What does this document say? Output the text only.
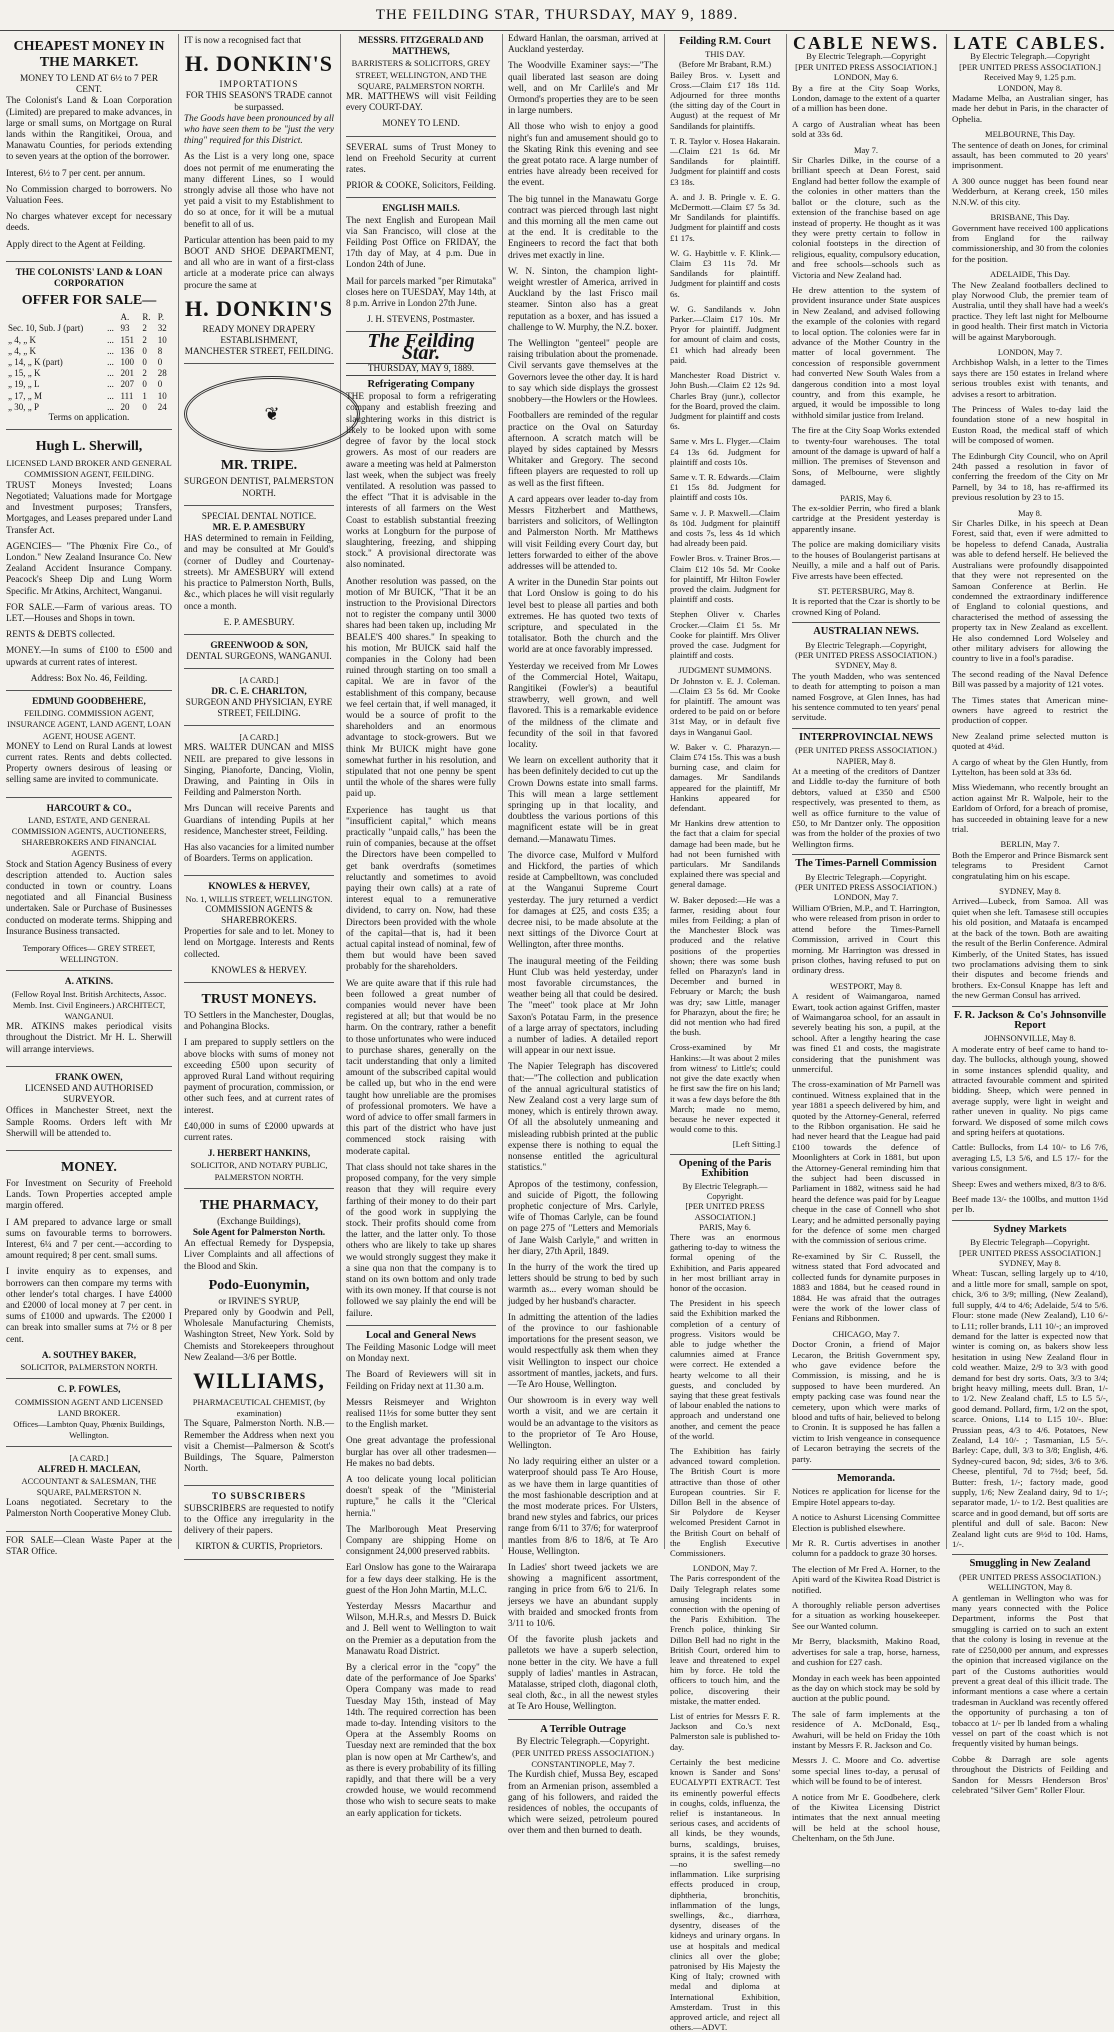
THE FEILDING STAR, THURSDAY, MAY 9, 1889.
CHEAPEST MONEY IN THE MARKET.
MONEY TO LEND AT 6½ to 7 PER CENT.

The Colonist's Land & Loan Corporation (Limited) are prepared to make advances, in large or small sums, on Mortgage on Rural lands within the Rangitikei, Oroua, and Manawatu Counties, for periods extending to seven years at the option of the borrower.

Interest, 6½ to 7 per cent. per annum.

No Commission charged to borrowers. No Valuation Fees.

No charges whatever except for necessary deeds.

Apply direct to the Agent at Feilding.

THE COLONISTS' LAND & LOAN CORPORATION
OFFER FOR SALE—
		A.	R.	P.
Sec. 10, Sub. J (part)	...	93	2	32
„ 4, „ K	...	151	2	10
„ 4, „ K	...	136	0	8
„ 14, „ K (part)	...	100	0	0
„ 15, „ K	...	201	2	28
„ 19, „ L	...	207	0	0
„ 17, „ M	...	111	1	10
„ 30, „ P	...	20	0	24
Terms on application.
Hugh L. Sherwill,
LICENSED LAND BROKER AND GENERAL COMMISSION AGENT, FEILDING.

TRUST Moneys Invested; Loans Negotiated; Valuations made for Mortgage and Investment purposes; Transfers, Mortgages, and Leases prepared under Land Transfer Act.

AGENCIES— "The Phœnix Fire Co., of London." New Zealand Insurance Co. New Zealand Accident Insurance Company. Peacock's Sheep Dip and Lung Worm Specific. Mr Atkins, Architect, Wanganui.

FOR SALE.—Farm of various areas. TO LET.—Houses and Shops in town.

RENTS & DEBTS collected.

MONEY.—In sums of £100 to £500 and upwards at current rates of interest.

Address: Box No. 46, Feilding.
EDMUND GOODBEHERE,
FEILDING. COMMISSION AGENT, INSURANCE AGENT, LAND AGENT, LOAN AGENT, HOUSE AGENT.

MONEY to Lend on Rural Lands at lowest current rates. Rents and debts collected. Property owners desirous of leasing or selling same are invited to communicate.

HARCOURT & CO.,
LAND, ESTATE, AND GENERAL COMMISSION AGENTS, AUCTIONEERS, SHAREBROKERS AND FINANCIAL AGENTS.

Stock and Station Agency Business of every description attended to. Auction sales conducted in town or country. Loans negotiated and all Financial Business undertaken. Sale or Purchase of Businesses conducted on moderate terms. Shipping and Insurance Business transacted.

Temporary Offices— GREY STREET, WELLINGTON.
A. ATKINS.
(Fellow Royal Inst. British Architects, Assoc. Memb. Inst. Civil Engineers.) ARCHITECT, WANGANUI.

MR. ATKINS makes periodical visits throughout the District. Mr H. L. Sherwill will arrange interviews.

FRANK OWEN,
LICENSED AND AUTHORISED SURVEYOR.

Offices in Manchester Street, next the Sample Rooms. Orders left with Mr Sherwill will be attended to.

MONEY.

For Investment on Security of Freehold Lands. Town Properties accepted ample margin offered.

I AM prepared to advance large or small sums on favourable terms to borrowers. Interest, 6¼ and 7 per cent.—according to amount required; 8 per cent. small sums.

I invite enquiry as to expenses, and borrowers can then compare my terms with other lender's total charges. I have £4000 and £2000 of local money at 7 per cent. in sums of £1000 and upwards. The £2000 I can break into smaller sums at 7½ or 8 per cent.

A. SOUTHEY BAKER,
SOLICITOR, PALMERSTON NORTH.
C. P. FOWLES,
COMMISSION AGENT AND LICENSED LAND BROKER.
Offices—Lambton Quay, Phœnix Buildings, Wellington.
[A CARD.]
ALFRED H. MACLEAN,
ACCOUNTANT & SALESMAN, THE SQUARE, PALMERSTON N.

Loans negotiated. Secretary to the Palmerston North Cooperative Money Club.

FOR SALE—Clean Waste Paper at the STAR Office.

IT is now a recognised fact that

H. DONKIN'S
IMPORTATIONS
FOR THIS SEASON'S TRADE cannot be surpassed.

The Goods have been pronounced by all who have seen them to be "just the very thing" required for this District.

As the List is a very long one, space does not permit of me enumerating the many different Lines, so I would strongly advise all those who have not yet paid a visit to my Establishment to do so at once, for it will be a mutual benefit to all of us.

Particular attention has been paid to my BOOT AND SHOE DEPARTMENT, and all who are in want of a first-class article at a moderate price can always procure the same at

H. DONKIN'S
READY MONEY DRAPERY ESTABLISHMENT,
MANCHESTER STREET, FEILDING.
❦
MR. TRIPE.
SURGEON DENTIST, PALMERSTON NORTH.
SPECIAL DENTAL NOTICE.
MR. E. P. AMESBURY

HAS determined to remain in Feilding, and may be consulted at Mr Gould's (corner of Dudley and Courtenay-streets). Mr AMESBURY will extend his practice to Palmerston North, Bulls, &c., which places he will visit regularly once a month.

E. P. AMESBURY.
GREENWOOD & SON,
DENTAL SURGEONS, WANGANUI.
[A CARD.]
DR. C. E. CHARLTON,
SURGEON AND PHYSICIAN, EYRE STREET, FEILDING.
[A CARD.]

MRS. WALTER DUNCAN and MISS NEIL are prepared to give lessons in Singing, Pianoforte, Dancing, Violin, Drawing, and Painting in Oils in Feilding and Palmerston North.

Mrs Duncan will receive Parents and Guardians of intending Pupils at her residence, Manchester street, Feilding.

Has also vacancies for a limited number of Boarders. Terms on application.

KNOWLES & HERVEY,
No. 1, WILLIS STREET, WELLINGTON.
COMMISSION AGENTS & SHAREBROKERS.

Properties for sale and to let. Money to lend on Mortgage. Interests and Rents collected.

KNOWLES & HERVEY.
TRUST MONEYS.

TO Settlers in the Manchester, Douglas, and Pohangina Blocks.

I am prepared to supply settlers on the above blocks with sums of money not exceeding £500 upon security of approved Rural Land without requiring payment of procuration, commission, or other such fees, and at current rates of interest.

£40,000 in sums of £2000 upwards at current rates.

J. HERBERT HANKINS,
SOLICITOR, AND NOTARY PUBLIC, PALMERSTON NORTH.
THE PHARMACY,
(Exchange Buildings),
Sole Agent for Palmerston North.

An effectual Remedy for Dyspepsia, Liver Complaints and all affections of the Blood and Skin.

Podo-Euonymin,
or IRVINE'S SYRUP,

Prepared only by Goodwin and Pell, Wholesale Manufacturing Chemists, Washington Street, New York. Sold by Chemists and Storekeepers throughout New Zealand—3/6 per Bottle.

WILLIAMS,
PHARMACEUTICAL CHEMIST, (by examination)

The Square, Palmerston North. N.B.—Remember the Address when next you visit a Chemist—Palmerson & Scott's Buildings, The Square, Palmerston North.

TO SUBSCRIBERS

SUBSCRIBERS are requested to notify to the Office any irregularity in the delivery of their papers.

KIRTON & CURTIS, Proprietors.
MESSRS. FITZGERALD AND MATTHEWS,
BARRISTERS & SOLICITORS, GREY STREET, WELLINGTON, AND THE SQUARE, PALMERSTON NORTH.

MR. MATTHEWS will visit Feilding every COURT-DAY.

MONEY TO LEND.

SEVERAL sums of Trust Money to lend on Freehold Security at current rates.

PRIOR & COOKE, Solicitors, Feilding.
ENGLISH MAILS.

The next English and European Mail via San Francisco, will close at the Feilding Post Office on FRIDAY, the 17th day of May, at 4 p.m. Due in London 24th of June.

Mail for parcels marked "per Rimutaka" closes here on TUESDAY, May 14th, at 8 p.m. Arrive in London 27th June.

J. H. STEVENS, Postmaster.
The Feilding Star.
THURSDAY, MAY 9, 1889.
Refrigerating Company

THE proposal to form a refrigerating company and establish freezing and slaughtering works in this district is likely to be looked upon with some degree of favor by the local stock growers. As most of our readers are aware a meeting was held at Palmerston last week, when the subject was freely ventilated. A resolution was passed to the effect "That it is advisable in the interests of all farmers on the West Coast to establish substantial freezing works at Longburn for the purpose of slaughtering, freezing, and shipping stock." A provisional directorate was also nominated.

Another resolution was passed, on the motion of Mr BUICK, "That it be an instruction to the Provisional Directors not to register the company until 3000 shares had been taken up, including Mr BEALE'S 400 shares." In speaking to his motion, Mr BUICK said half the companies in the Colony had been ruined through starting on too small a capital. We are in favor of the establishment of this company, because we feel certain that, if well managed, it would be a source of profit to the shareholders and an enormous advantage to stock-growers. But we think Mr BUICK might have gone somewhat further in his resolution, and stipulated that not one penny be spent until the whole of the shares were fully paid up.

Experience has taught us that "insufficient capital," which means practically "unpaid calls," has been the ruin of companies, because at the offset the Directors have been compelled to get bank overdrafts (sometimes reluctantly and sometimes to avoid paying their own calls) at a rate of interest equal to a remunerative dividend, to carry on. Now, had these Directors been provided with the whole of the capital—that is, had it been actual capital instead of nominal, few of them but would have been saved probably for the shareholders.

We are quite aware that if this rule had been followed a great number of companies would never have been registered at all; but that would be no harm. On the contrary, rather a benefit to those unfortunates who were induced to purchase shares, generally on the tacit understanding that only a limited amount of the subscribed capital would be called up, but who in the end were taught how unreliable are the promises of professional promoters. We have a word of advice to offer small farmers in this part of the district who have just commenced stock raising with moderate capital.

That class should not take shares in the proposed company, for the very simple reason that they will require every farthing of their money to do their part of the good work in supplying the stock. Their profits should come from the latter, and the latter only. To those others who are likely to take up shares we would strongly suggest they make it a sine qua non that the company is to stand on its own bottom and only trade with its own money. If that course is not followed we say plainly the end will be failure.

Local and General News

The Feilding Masonic Lodge will meet on Monday next.

The Board of Reviewers will sit in Feilding on Friday next at 11.30 a.m.

Messrs Reismeyer and Wrighton realised 11½s for some butter they sent to the English market.

One great advantage the professional burglar has over all other tradesmen—He makes no bad debts.

A too delicate young local politician doesn't speak of the "Ministerial rupture," he calls it the "Clerical hernia."

The Marlborough Meat Preserving Company are shipping Home on consignment 24,000 preserved rabbits.

Earl Onslow has gone to the Wairarapa for a few days deer stalking. He is the guest of the Hon John Martin, M.L.C.

Yesterday Messrs Macarthur and Wilson, M.H.R.s, and Messrs D. Buick and J. Bell went to Wellington to wait on the Premier as a deputation from the Manawatu Road District.

By a clerical error in the "copy" the date of the performance of Joe Sparks' Opera Company was made to read Tuesday May 15th, instead of May 14th. The required correction has been made to-day. Intending visitors to the Opera at the Assembly Rooms on Tuesday next are reminded that the box plan is now open at Mr Carthew's, and as there is every probability of its filling rapidly, and that there will be a very crowded house, we would recommend those who wish to secure seats to make an early application for tickets.

Edward Hanlan, the oarsman, arrived at Auckland yesterday.

The Woodville Examiner says:—"The quail liberated last season are doing well, and on Mr Carlile's and Mr Ormond's properties they are to be seen in large numbers.

All those who wish to enjoy a good night's fun and amusement should go to the Skating Rink this evening and see the great potato race. A large number of entries have already been received for the event.

The big tunnel in the Manawatu Gorge contract was pierced through last night and this morning all the men came out at the end. It is creditable to the Engineers to record the fact that both drives met exactly in line.

W. N. Sinton, the champion light-weight wrestler of America, arrived in Auckland by the last Frisco mail steamer. Sinton also has a great reputation as a boxer, and has issued a challenge to W. Murphy, the N.Z. boxer.

The Wellington "genteel" people are raising tribulation about the promenade. Civil servants gave themselves at the Governors levee the other day. It is hard to say which side displays the grossest snobbery—the Howlers or the Howlees.

Footballers are reminded of the regular practice on the Oval on Saturday afternoon. A scratch match will be played by sides captained by Messrs Whitaker and Gregory. The second fifteen players are requested to roll up as well as the first fifteen.

A card appears over leader to-day from Messrs Fitzherbert and Matthews, barristers and solicitors, of Wellington and Palmerston North. Mr Matthews will visit Feilding every Court day, but letters forwarded to either of the above addresses will be attended to.

A writer in the Dunedin Star points out that Lord Onslow is going to do his level best to please all parties and both extremes. He has quoted two texts of scripture, and speculated in the totalisator. Both the church and the world are at once favorably impressed.

Yesterday we received from Mr Lowes of the Commercial Hotel, Waitapu, Rangitikei (Fowler's) a beautiful strawberry, well grown, and well flavored. This is a remarkable evidence of the mildness of the climate and fecundity of the soil in that favored locality.

We learn on excellent authority that it has been definitely decided to cut up the Crown Downs estate into small farms. This will mean a large settlement springing up in that locality, and doubtless the various portions of this magnificent estate will be in great demand.—Manawatu Times.

The divorce case, Mulford v Mulford and Hickford, the parties of which reside at Campbelltown, was concluded at the Wanganui Supreme Court yesterday. The jury returned a verdict for damages at £25, and costs £35; a decree nisi, to be made absolute at the next sittings of the Divorce Court at Wellington, after three months.

The inaugural meeting of the Feilding Hunt Club was held yesterday, under most favorable circumstances, the weather being all that could be desired. The "meet" took place at Mr John Saxon's Potatau Farm, in the presence of a large array of spectators, including a number of ladies. A detailed report will appear in our next issue.

The Napier Telegraph has discovered that:—"The collection and publication of the annual agricultural statistics of New Zealand cost a very large sum of money, which is entirely thrown away. Of all the absolutely unmeaning and misleading rubbish printed at the public expense there is nothing to equal the nonsense entitled the agricultural statistics."

Apropos of the testimony, confession, and suicide of Pigott, the following prophetic conjecture of Mrs. Carlyle, wife of Thomas Carlyle, can be found on page 275 of "Letters and Memorials of Jane Walsh Carlyle," and written in her diary, 27th April, 1849.

In the hurry of the work the tired up letters should be strung to bed by such warmth as... every woman should be judged by her husband's character.

In admitting the attention of the ladies of the province to our fashionable importations for the present season, we would respectfully ask them when they visit Wellington to inspect our choice assortment of mantles, jackets, and furs.—Te Aro House, Wellington.

Our showroom is in every way well worth a visit, and we are certain it would be an advantage to the visitors as to the proprietor of Te Aro House, Wellington.

No lady requiring either an ulster or a waterproof should pass Te Aro House, as we have them in large quantities of the most fashionable description and at the most moderate prices. For Ulsters, brand new styles and fabrics, our prices range from 6/11 to 37/6; for waterproof mantles from 8/6 to 18/6, at Te Aro House, Wellington.

In Ladies' short tweed jackets we are showing a magnificent assortment, ranging in price from 6/6 to 21/6. In jerseys we have an abundant supply with braided and smocked fronts from 3/11 to 10/6.

Of the favorite plush jackets and palletots we have a superb selection, none better in the city. We have a full supply of ladies' mantles in Astracan, Matalasse, striped cloth, diagonal cloth, seal cloth, &c., in all the newest styles at Te Aro House, Wellington.

A Terrible Outrage
By Electric Telegraph.—Copyright.
(PER UNITED PRESS ASSOCIATION.)
CONSTANTINOPLE, May 7.

The Kurdish chief, Mussa Bey, escaped from an Armenian prison, assembled a gang of his followers, and raided the residences of nobles, the occupants of which were seized, petroleum poured over them and then burned to death.

Feilding R.M. Court
THIS DAY.
(Before Mr Brabant, R.M.)

Bailey Bros. v. Lysett and Cross.—Claim £17 18s 11d. Adjourned for three months (the sitting day of the Court in August) at the request of Mr Sandilands for plaintiffs.

T. R. Taylor v. Hosea Hakarain.—Claim £21 1s 6d. Mr Sandilands for plaintiff. Judgment for plaintiff and costs £3 18s.

A. and J. B. Pringle v. E. G. McDermott.—Claim £7 5s 3d. Mr Sandilands for plaintiffs. Judgment for plaintiff and costs £1 17s.

W. G. Haybittle v. F. Klink.—Claim £3 11s 7d. Mr Sandilands for plaintiff. Judgment for plaintiff and costs 6s.

W. G. Sandilands v. John Parker.—Claim £17 10s. Mr Pryor for plaintiff. Judgment for amount of claim and costs, £1 which had already been paid.

Manchester Road District v. John Bush.—Claim £2 12s 9d. Charles Bray (junr.), collector for the Board, proved the claim. Judgment for plaintiff and costs 6s.

Same v. Mrs L. Flyger.—Claim £4 13s 6d. Judgment for plaintiff and costs 10s.

Same v. T. R. Edwards.—Claim £1 15s 8d. Judgment for plaintiff and costs 10s.

Same v. J. P. Maxwell.—Claim 8s 10d. Judgment for plaintiff and costs 7s, less 4s 1d which had already been paid.

Fowler Bros. v. Trainer Bros.—Claim £12 10s 5d. Mr Cooke for plaintiff, Mr Hilton Fowler proved the claim. Judgment for plaintiff and costs.

Stephen Oliver v. Charles Crocker.—Claim £1 5s. Mr Cooke for plaintiff. Mrs Oliver proved the case. Judgment for plaintiff and costs.

JUDGMENT SUMMONS.

Dr Johnston v. E. J. Coleman.—Claim £3 5s 6d. Mr Cooke for plaintiff. The amount was ordered to be paid on or before 31st May, or in default five days in Wanganui Gaol.

W. Baker v. C. Pharazyn.—Claim £74 15s. This was a bush burning case, and claim for damages. Mr Sandilands appeared for the plaintiff, Mr Hankins appeared for defendant.

Mr Hankins drew attention to the fact that a claim for special damage had been made, but he had not been furnished with particulars. Mr Sandilands explained there was special and general damage.

W. Baker deposed:—He was a farmer, residing about four miles from Feilding; a plan of the Manchester Block was produced and the relative positions of the properties shown; there was some bush felled on Pharazyn's land in December and burned in February or March; the bush was dry; saw Little, manager for Pharazyn, about the fire; he did not mention who had fired the bush.

Cross-examined by Mr Hankins:—It was about 2 miles from witness' to Little's; could not give the date exactly when he first saw the fire on his land; it was a few days before the 8th March; made no memo, because he never expected it would come to this.

[Left Sitting.]
Opening of the Paris Exhibition
By Electric Telegraph.—Copyright.
[PER UNITED PRESS ASSOCIATION.]
PARIS, May 6.

There was an enormous gathering to-day to witness the formal opening of the Exhibition, and Paris appeared in her most brilliant array in honor of the occasion.

The President in his speech said the Exhibition marked the completion of a century of progress. Visitors would be able to judge whether the calumnies aimed at France were correct. He extended a hearty welcome to all their guests, and concluded by saying that these great festivals of labour enabled the nations to approach and understand one another, and cement the peace of the world.

The Exhibition has fairly advanced toward completion. The British Court is more attractive than those of other European countries. Sir F. Dillon Bell in the absence of Sir Polydore de Keyser welcomed President Carnot in the British Court on behalf of the English Executive Commissioners.

LONDON, May 7.

The Paris correspondent of the Daily Telegraph relates some amusing incidents in connection with the opening of the Paris Exhibition. The French police, thinking Sir Dillon Bell had no right in the British Court, ordered him to leave and threatened to expel him by force. He told the officers to touch him, and the police, discovering their mistake, the matter ended.

List of entries for Messrs F. R. Jackson and Co.'s next Palmerston sale is published to-day.

Certainly the best medicine known is Sander and Sons' EUCALYPTI EXTRACT. Test its eminently powerful effects in coughs, colds, influenza, the relief is instantaneous. In serious cases, and accidents of all kinds, be they wounds, burns, scaldings, bruises, sprains, it is the safest remedy—no swelling—no inflammation. Like surprising effects produced in croup, diphtheria, bronchitis, inflammation of the lungs, swellings, &c., diarrhœa, dysentry, diseases of the kidneys and urinary organs. In use at hospitals and medical clinics all over the globe; patronised by His Majesty the King of Italy; crowned with medal and diploma at International Exhibition, Amsterdam. Trust in this approved article, and reject all others.—ADVT.

CABLE NEWS.
By Electric Telegraph.—Copyright
[PER UNITED PRESS ASSOCIATION.]
LONDON, May 6.

By a fire at the City Soap Works, London, damage to the extent of a quarter of a million has been done.

A cargo of Australian wheat has been sold at 33s 6d.

May 7.

Sir Charles Dilke, in the course of a brilliant speech at Dean Forest, said England had better follow the example of the colonies in other matters than the ballot or the cloture, such as the extension of the franchise based on age instead of property. He thought as it was they were pretty certain to follow in colonial footsteps in the direction of religious, equality, compulsory education, and free schools—schools such as Victoria and New Zealand had.

He drew attention to the system of provident insurance under State auspices in New Zealand, and advised following the example of the colonies with regard to local option. The colonies were far in advance of the Mother Country in the matter of local government. The concession of responsible government had converted New South Wales from a dangerous condition into a most loyal country, and from this example, he argued, it would be impossible to long withhold similar justice from Ireland.

The fire at the City Soap Works extended to twenty-four warehouses. The total amount of the damage is upward of half a million. The premises of Stevenson and Sons, of Melbourne, were slightly damaged.

PARIS, May 6.

The ex-soldier Perrin, who fired a blank cartridge at the President yesterday is apparently insane.

The police are making domiciliary visits to the houses of Boulangerist partisans at Neuilly, a mile and a half out of Paris. Five arrests have been effected.

ST. PETERSBURG, May 8.

It is reported that the Czar is shortly to be crowned King of Poland.

AUSTRALIAN NEWS.
By Electric Telegraph.—Copyright,
(PER UNITED PRESS ASSOCIATION.)
SYDNEY, May 8.

The youth Madden, who was sentenced to death for attempting to poison a man named Fosgrove, at Glen Innes, has had his sentence commuted to ten years' penal servitude.

INTERPROVINCIAL NEWS
(PER UNITED PRESS ASSOCIATION.)
NAPIER, May 8.

At a meeting of the creditors of Dantzer and Liddle to-day the furniture of both debtors, valued at £350 and £500 respectively, was presented to them, as well as office furniture to the value of £50, to Mr Dantzer only. The opposition was from the holder of the proxies of two Wellington firms.

The Times-Parnell Commission
By Electric Telegraph.—Copyright.
(PER UNITED PRESS ASSOCIATION.)
LONDON, May 7.

William O'Brien, M.P., and T. Harrington, who were released from prison in order to attend before the Times-Parnell Commission, arrived in Court this morning. Mr Harrington was dressed in prison clothes, having refused to put on ordinary dress.

WESTPORT, May 8.

A resident of Waimangaroa, named Ewart, took action against Griffen, master of Waimangaroa school, for an assault in severely beating his son, a pupil, at the school. After a lengthy hearing the case was fined £1 and costs, the magistrate considering that the punishment was unmerciful.

The cross-examination of Mr Parnell was continued. Witness explained that in the year 1881 a speech delivered by him, and quoted by the Attorney-General, referred to the Ribbon organisation. He said he had never heard that the League had paid £100 towards the defence of Moonlighters at Cork in 1881, but upon the Attorney-General reminding him that the subject had been discussed in Parliament in 1882, witness said he had heard the defence was paid for by League cheque in the case of Connell who shot Leary; and he admitted personally paying for the defence of some men charged with the commission of serious crime.

Re-examined by Sir C. Russell, the witness stated that Ford advocated and collected funds for dynamite purposes in 1883 and 1884, but he ceased round in 1884. He was afraid that the outrages were the work of the lower class of Fenians and Ribbonmen.

CHICAGO, May 7.

Doctor Cronin, a friend of Major Lecaron, the British Government spy, who gave evidence before the Commission, is missing, and he is supposed to have been murdered. An empty packing case was found near the cemetery, upon which were marks of blood and tufts of hair, believed to belong to Cronin. It is supposed he has fallen a victim to Irish vengeance in consequence of Lecaron betraying the secrets of the party.

Memoranda.

Notices re application for license for the Empire Hotel appears to-day.

A notice to Ashurst Licensing Committee Election is published elsewhere.

Mr R. R. Curtis advertises in another column for a paddock to graze 30 horses.

The election of Mr Fred A. Horner, to the Apiti ward of the Kiwitea Road District is notified.

A thoroughly reliable person advertises for a situation as working housekeeper. See our Wanted column.

Mr Berry, blacksmith, Makino Road, advertises for sale a trap, horse, harness, and cushion for £27 cash.

Monday in each week has been appointed as the day on which stock may be sold by auction at the public pound.

The sale of farm implements at the residence of A. McDonald, Esq., Awahuri, will be held on Friday the 10th instant by Messrs F. R. Jackson and Co.

Messrs J. C. Moore and Co. advertise some special lines to-day, a perusal of which will be found to be of interest.

A notice from Mr E. Goodbehere, clerk of the Kiwitea Licensing District intimates that the next annual meeting will be held at the school house, Cheltenham, on the 5th June.

LATE CABLES.
By Electric Telegraph.—Copyright
[PER UNITED PRESS ASSOCIATION.]
Received May 9, 1.25 p.m.
LONDON, May 8.

Madame Melba, an Australian singer, has made her debut in Paris, in the character of Ophelia.

MELBOURNE, This Day.

The sentence of death on Jones, for criminal assault, has been commuted to 20 years' imprisonment.

A 300 ounce nugget has been found near Wedderburn, at Kerang creek, 150 miles N.N.W. of this city.

BRISBANE, This Day.

Government have received 100 applications from England for the railway commissionership, and 30 from the colonies for the position.

ADELAIDE, This Day.

The New Zealand footballers declined to play Norwood Club, the premier team of Australia, until they shall have had a week's practice. They left last night for Melbourne in good health. Their first match in Victoria will be against Maryborough.

LONDON, May 7.

Archbishop Walsh, in a letter to the Times says there are 150 estates in Ireland where serious troubles exist with tenants, and advises a resort to arbitration.

The Princess of Wales to-day laid the foundation stone of a new hospital in Euston Road, the medical staff of which will be composed of women.

The Edinburgh City Council, who on April 24th passed a resolution in favor of conferring the freedom of the City on Mr Parnell, by 34 to 18, has re-affirmed its previous resolution by 23 to 15.

May 8.

Sir Charles Dilke, in his speech at Dean Forest, said that, even if were admitted to be hopeless to defend Canada, Australia was able to defend herself. He believed the Australians were profoundly disappointed that they were not represented on the Samoan Conference at Berlin. He condemned the extraordinary indifference of England to colonial questions, and characterised the method of assessing the property tax in New Zealand as excellent. He also condemned Lord Wolseley and other military advisers for allowing the country to live in a fool's paradise.

The second reading of the Naval Defence Bill was passed by a majority of 121 votes.

The Times states that American mine-owners have agreed to restrict the production of copper.

New Zealand prime selected mutton is quoted at 4¼d.

A cargo of wheat by the Glen Huntly, from Lyttelton, has been sold at 33s 6d.

Miss Wiedemann, who recently brought an action against Mr R. Walpole, heir to the Earldom of Orford, for a breach of promise, has succeeded in obtaining leave for a new trial.

BERLIN, May 7.

Both the Emperor and Prince Bismarck sent telegrams to President Carnot congratulating him on his escape.

SYDNEY, May 8.

Arrived—Lubeck, from Samoa. All was quiet when she left. Tamasese still occupies his old position, and Mataafa is encamped at the back of the town. Both are awaiting the result of the Berlin Conference. Admiral Kimberly, of the United States, has issued two proclamations advising them to sink their disputes and become friends and brothers. Ex-Consul Knappe has left and the new German Consul has arrived.

F. R. Jackson & Co's Johnsonville Report
JOHNSONVILLE, May 8.

A moderate entry of beef came to hand to-day. The bullocks, although young, showed in some instances splendid quality, and attracted favourable comment and spirited bidding. Sheep, which were penned in average supply, were light in weight and rather uneven in quality. No pigs came forward. We disposed of some milch cows and spring heifers at quotations.

Cattle: Bullocks, from L4 10/- to L6 7/6, averaging L5, L3 5/6, and L5 17/- for the various consignment.

Sheep: Ewes and wethers mixed, 8/3 to 8/6.

Beef made 13/- the 100lbs, and mutton 1½d per lb.

Sydney Markets
By Electric Telegraph—Copyright.
[PER UNITED PRESS ASSOCIATION.]
SYDNEY, May 8.

Wheat: Tuscan, selling largely up to 4/10, and a little more for small, sample on spot, chick, 3/6 to 3/9; milling, (New Zealand), full supply, 4/4 to 4/6; Adelaide, 5/4 to 5/6. Flour: stone made (New Zealand), L10 6/- to L11; roller brands, L11 10/-; an improved demand for the latter is expected now that winter is coming on, as bakers show less hesitation in using New Zealand flour in cold weather. Maize, 2/9 to 3/3 with good demand for best dry sorts. Oats, 3/3 to 3/4; bright heavy milling, meets dull. Bran, 1/- to 1/2. New Zealand chaff, L5 to L5 5/-, good demand. Pollard, firm, 1/2 on the spot, scarce. Onions, L14 to L15 10/-. Blue: Prussian peas, 4/3 to 4/6. Potatoes, New Zealand, L4 10/- ; Tasmanian, L5 5/-. Barley: Cape, dull, 3/3 to 3/8; English, 4/6. Sydney-cured bacon, 9d; sides, 3/6 to 3/6. Cheese, plentiful, 7d to 7½d; beef, 5d. Butter: fresh, 1/-; factory made, good supply, 1/6; New Zealand dairy, 9d to 1/-; separator made, 1/- to 1/2. Best qualities are scarce and in good demand, but off sorts are plentiful and dull of sale. Bacon: New Zealand light cuts are 9½d to 10d. Hams, 1/-.

Smuggling in New Zealand
(PER UNITED PRESS ASSOCIATION.)
WELLINGTON, May 8.

A gentleman in Wellington who was for many years connected with the Police Department, informs the Post that smuggling is carried on to such an extent that the colony is losing in revenue at the rate of £250,000 per annum, and expresses the opinion that increased vigilance on the part of the Customs authorities would prevent a great deal of this illicit trade. The informant mentions a case where a certain tradesman in Auckland was recently offered the opportunity of purchasing a ton of tobacco at 1/- per lb landed from a whaling vessel on part of the coast which is not frequently visited by human beings.

Cobbe & Darragh are sole agents throughout the Districts of Feilding and Sandon for Messrs Henderson Bros' celebrated "Silver Gem" Roller Flour.
